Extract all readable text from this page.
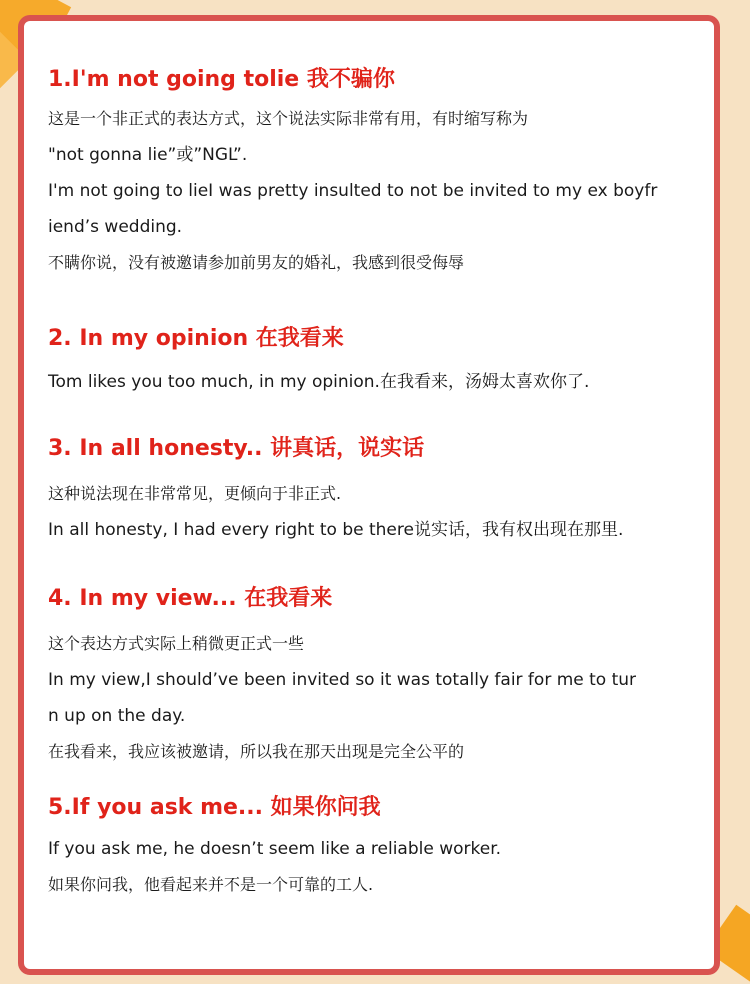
1.I'm not going tolie 我不骗你

这是一个非正式的表达方式，这个说法实际非常有用，有时缩写称为

"not gonna lie”或”NGL”.

I'm not going to lieI was pretty insulted to not be invited to my ex boyfr

iend’s wedding.

不瞒你说，没有被邀请参加前男友的婚礼，我感到很受侮辱

2. In my opinion 在我看来

Tom likes you too much, in my opinion.在我看来，汤姆太喜欢你了.

3. In all honesty.. 讲真话，说实话

这种说法现在非常常见，更倾向于非正式.

In all honesty, I had every right to be there说实话，我有权出现在那里.

4. In my view... 在我看来

这个表达方式实际上稍微更正式一些

In my view,I should’ve been invited so it was totally fair for me to tur

n up on the day.

在我看来，我应该被邀请，所以我在那天出现是完全公平的

5.If you ask me... 如果你问我

If you ask me, he doesn’t seem like a reliable worker.

如果你问我，他看起来并不是一个可靠的工人.
